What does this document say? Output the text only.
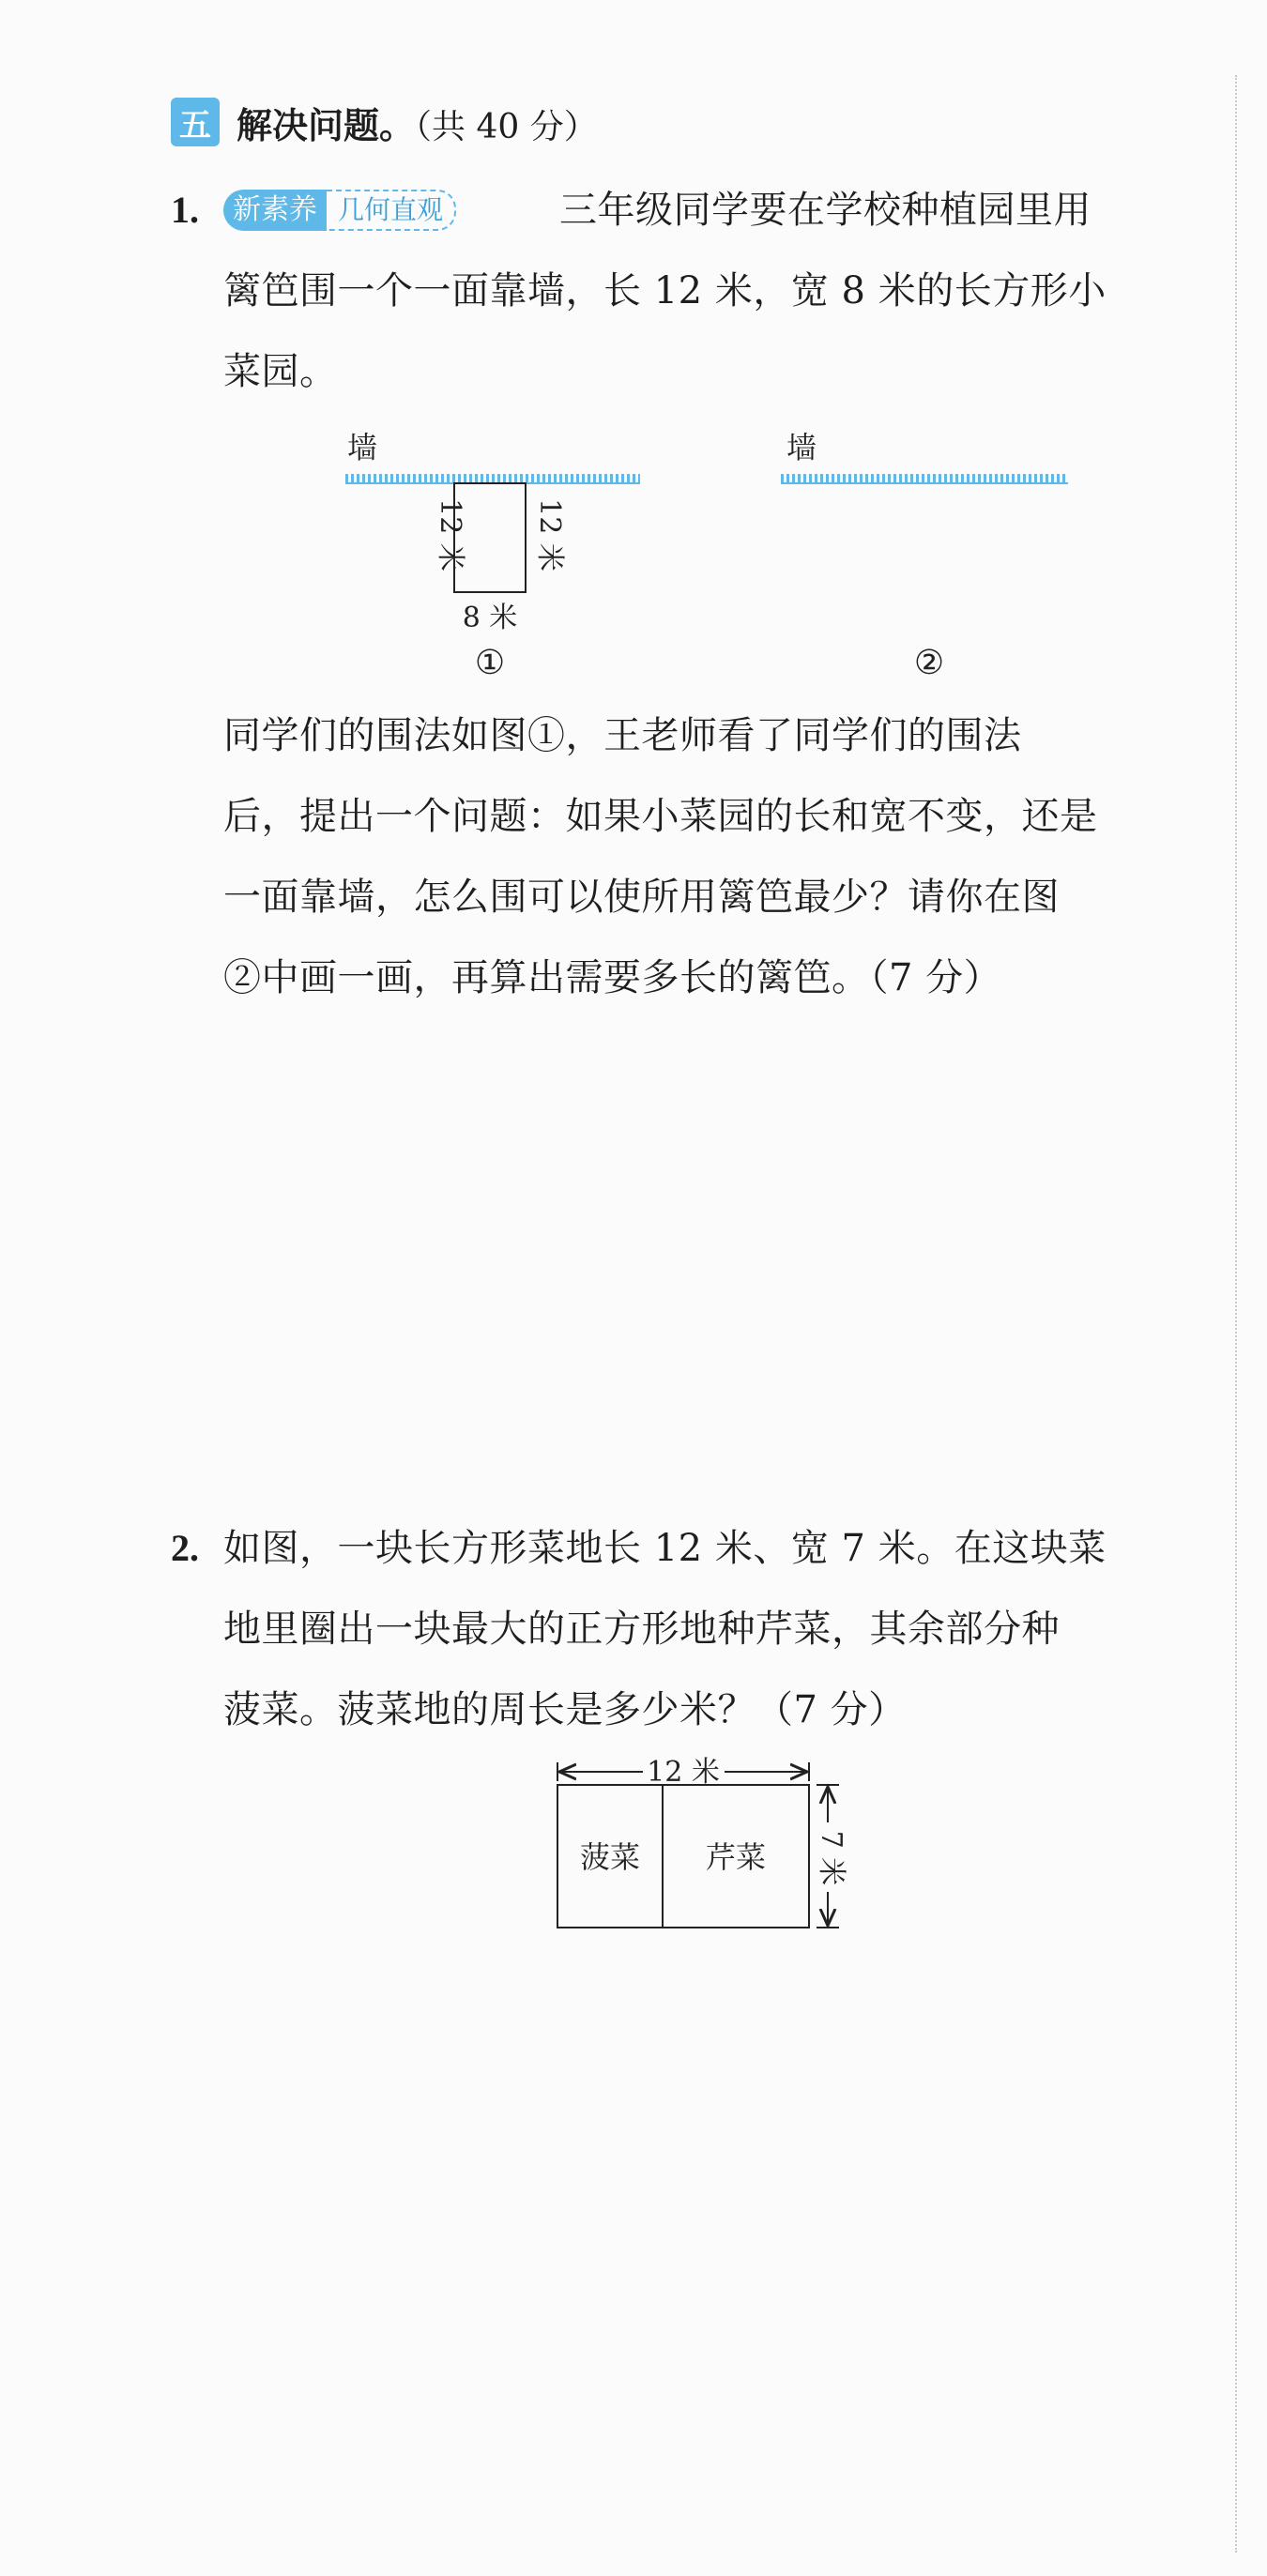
五 解决问题。（共 40 分）
1.	新素养 几何直观	三年级同学要在学校种植园里用
篱笆围一个一面靠墙，长 12 米，宽 8 米的长方形小
菜园。
墙
12 米 12 米
8 米
①
墙
②
同学们的围法如图①，王老师看了同学们的围法
后，提出一个问题：如果小菜园的长和宽不变，还是
一面靠墙，怎么围可以使所用篱笆最少？请你在图
②中画一画，再算出需要多长的篱笆。（7 分）
2. 如图，一块长方形菜地长 12 米、宽 7 米。在这块菜
地里圈出一块最大的正方形地种芹菜，其余部分种
菠菜。菠菜地的周长是多少米？（7 分）
12 米
菠菜 芹菜 7 米
